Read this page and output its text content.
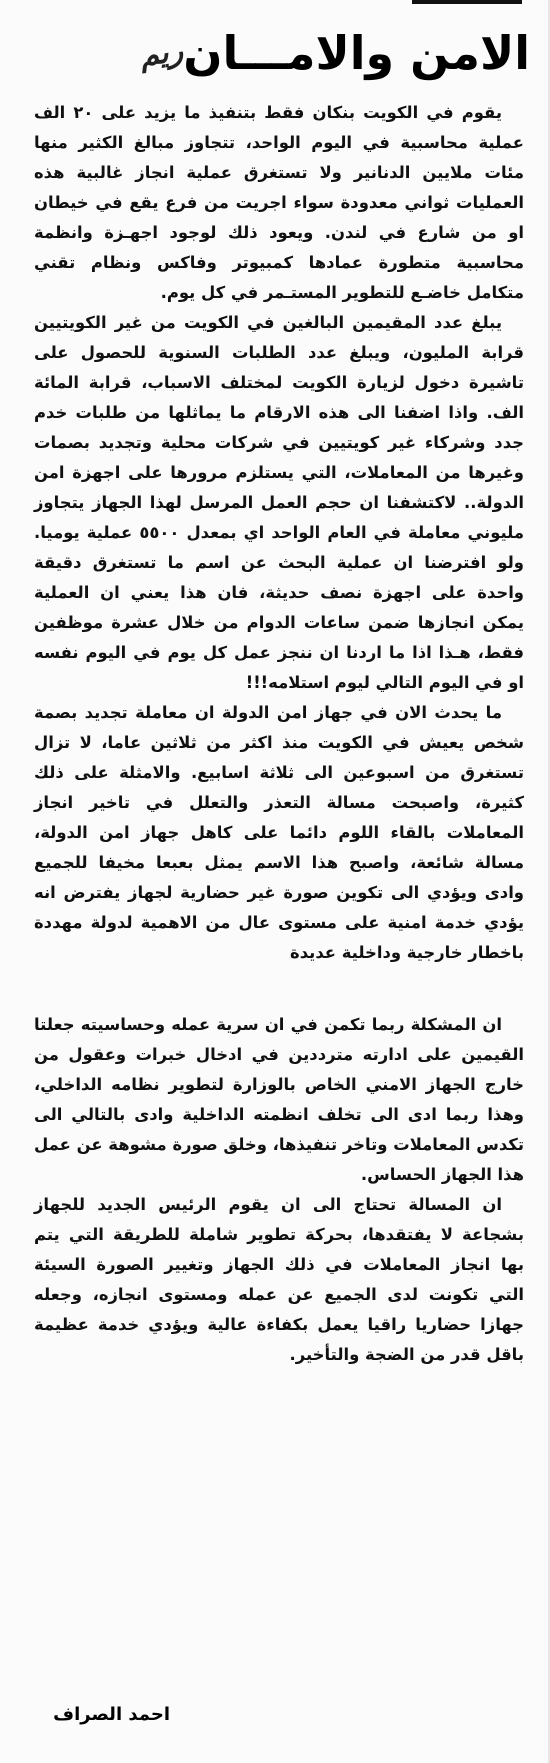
الامن والامـــان
ريم

يقوم في الكويت بنكان فقط بتنفيذ ما يزيد على ٢٠ الف عملية محاسبية في اليوم الواحد، تتجاوز مبالغ الكثير منها مئات ملايين الدنانير ولا تستغرق عملية انجاز غالبية هذه العمليات ثواني معدودة سواء اجريت من فرع يقع في خيطان او من شارع في لندن. ويعود ذلك لوجود اجهـزة وانظمة محاسبية متطورة عمادها كمبيوتر وفاكس ونظام تقني متكامل خاضـع للتطوير المستـمر في كل يوم.

يبلغ عدد المقيمين البالغين في الكويت من غير الكويتيين قرابة المليون، ويبلغ عدد الطلبات السنوية للحصول على تاشيرة دخول لزيارة الكويت لمختلف الاسباب، قرابة المائة الف. واذا اضفنا الى هذه الارقام ما يماثلها من طلبات خدم جدد وشركاء غير كويتيين في شركات محلية وتجديد بصمات وغيرها من المعاملات، التي يستلزم مرورها على اجهزة امن الدولة.. لاكتشفنا ان حجم العمل المرسل لهذا الجهاز يتجاوز مليوني معاملة في العام الواحد اي بمعدل ٥٥٠٠ عملية يوميا. ولو افترضنا ان عملية البحث عن اسم ما تستغرق دقيقة واحدة على اجهزة نصف حديثة، فان هذا يعني ان العملية يمكن انجازها ضمن ساعات الدوام من خلال عشرة موظفين فقط، هـذا اذا ما اردنا ان ننجز عمل كل يوم في اليوم نفسه او في اليوم التالي ليوم استلامه!!!

ما يحدث الان في جهاز امن الدولة ان معاملة تجديد بصمة شخص يعيش في الكويت منذ اكثر من ثلاثين عاما، لا تزال تستغرق من اسبوعين الى ثلاثة اسابيع. والامثلة على ذلك كثيرة، واصبحت مسالة التعذر والتعلل في تاخير انجاز المعاملات بالقاء اللوم دائما على كاهل جهاز امن الدولة، مسالة شائعة، واصبح هذا الاسم يمثل بعبعا مخيفا للجميع وادى ويؤدي الى تكوين صورة غير حضارية لجهاز يفترض انه يؤدي خدمة امنية على مستوى عال من الاهمية لدولة مهددة باخطار خارجية وداخلية عديدة

ان المشكلة ربما تكمن في ان سرية عمله وحساسيته جعلتا القيمين على ادارته مترددين في ادخال خبرات وعقول من خارج الجهاز الامني الخاص بالوزارة لتطوير نظامه الداخلي، وهذا ربما ادى الى تخلف انظمته الداخلية وادى بالتالي الى تكدس المعاملات وتاخر تنفيذها، وخلق صورة مشوهة عن عمل هذا الجهاز الحساس.

ان المسالة تحتاج الى ان يقوم الرئيس الجديد للجهاز بشجاعة لا يفتقدها، بحركة تطوير شاملة للطريقة التي يتم بها انجاز المعاملات في ذلك الجهاز وتغيير الصورة السيئة التي تكونت لدى الجميع عن عمله ومستوى انجازه، وجعله جهازا حضاريا راقيا يعمل بكفاءة عالية ويؤدي خدمة عظيمة باقل قدر من الضجة والتأخير.

احمد الصراف
